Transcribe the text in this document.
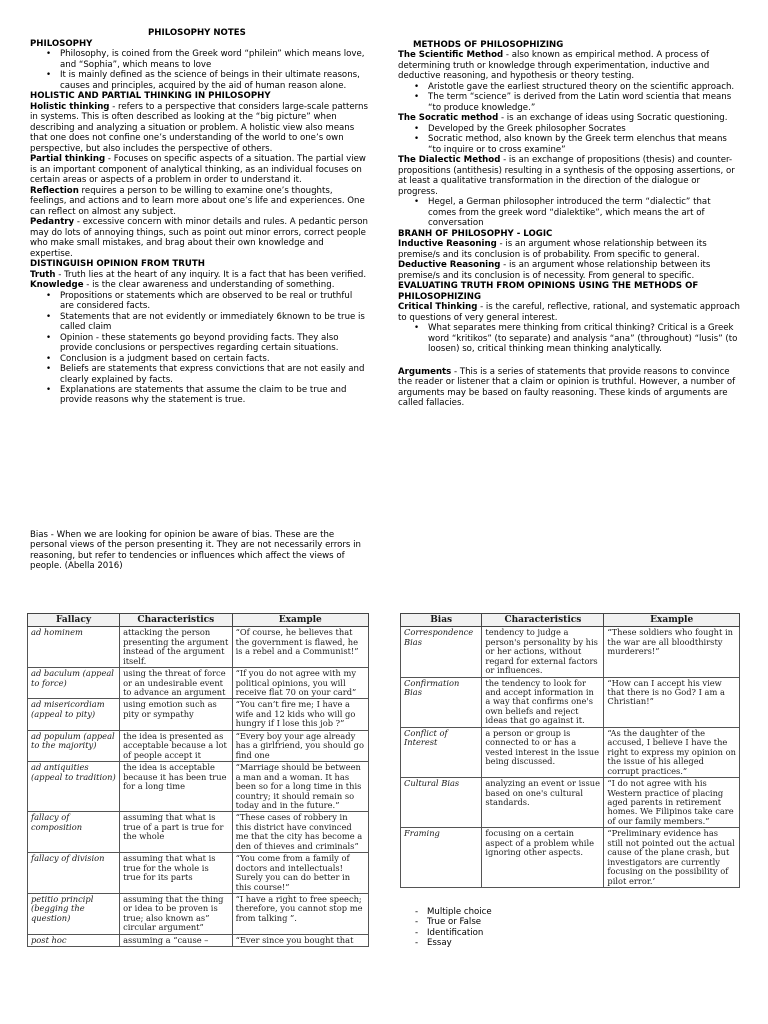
PHILOSOPHY NOTES

PHILOSOPHY

• Philosophy, is coined from the Greek word “philein” which means love, and “Sophia”, which means to love
• It is mainly defined as the science of beings in their ultimate reasons, causes and principles, acquired by the aid of human reason alone.

HOLISTIC AND PARTIAL THINKING IN PHILOSOPHY

Holistic thinking - refers to a perspective that considers large-scale patterns in systems. This is often described as looking at the “big picture” when describing and analyzing a situation or problem. A holistic view also means that one does not confine one’s understanding of the world to one’s own perspective, but also includes the perspective of others.

Partial thinking - Focuses on specific aspects of a situation. The partial view is an important component of analytical thinking, as an individual focuses on certain areas or aspects of a problem in order to understand it.

Reflection requires a person to be willing to examine one’s thoughts, feelings, and actions and to learn more about one’s life and experiences. One can reflect on almost any subject.

Pedantry - excessive concern with minor details and rules. A pedantic person may do lots of annoying things, such as point out minor errors, correct people who make small mistakes, and brag about their own knowledge and expertise.

DISTINGUISH OPINION FROM TRUTH

Truth - Truth lies at the heart of any inquiry. It is a fact that has been verified.

Knowledge - is the clear awareness and understanding of something.

• Propositions or statements which are observed to be real or truthful are considered facts.
• Statements that are not evidently or immediately 6known to be true is called claim
• Opinion - these statements go beyond providing facts. They also provide conclusions or perspectives regarding certain situations.
• Conclusion is a judgment based on certain facts.
• Beliefs are statements that express convictions that are not easily and clearly explained by facts.
• Explanations are statements that assume the claim to be true and provide reasons why the statement is true.

Bias - When we are looking for opinion be aware of bias. These are the personal views of the person presenting it. They are not necessarily errors in reasoning, but refer to tendencies or influences which affect the views of people. (Abella 2016)

METHODS OF PHILOSOPHIZING

The Scientific Method - also known as empirical method. A process of determining truth or knowledge through experimentation, inductive and deductive reasoning, and hypothesis or theory testing.

• Aristotle gave the earliest structured theory on the scientific approach.
• The term “science” is derived from the Latin word scientia that means “to produce knowledge.”

The Socratic method - is an exchange of ideas using Socratic questioning.

• Developed by the Greek philosopher Socrates
• Socratic method, also known by the Greek term elenchus that means “to inquire or to cross examine”

The Dialectic Method - is an exchange of propositions (thesis) and counter-propositions (antithesis) resulting in a synthesis of the opposing assertions, or at least a qualitative transformation in the direction of the dialogue or progress.

• Hegel, a German philosopher introduced the term “dialectic” that comes from the greek word “dialektike”, which means the art of conversation

BRANH OF PHILOSOPHY - LOGIC

Inductive Reasoning - is an argument whose relationship between its premise/s and its conclusion is of probability. From specific to general.

Deductive Reasoning - is an argument whose relationship between its premise/s and its conclusion is of necessity. From general to specific.

EVALUATING TRUTH FROM OPINIONS USING THE METHODS OF PHILOSOPHIZING

Critical Thinking - is the careful, reflective, rational, and systematic approach to questions of very general interest.

• What separates mere thinking from critical thinking? Critical is a Greek word “kritikos” (to separate) and analysis “ana” (throughout) “lusis” (to loosen) so, critical thinking mean thinking analytically.

Arguments - This is a series of statements that provide reasons to convince the reader or listener that a claim or opinion is truthful. However, a number of arguments may be based on faulty reasoning. These kinds of arguments are called fallacies.

Fallacy	Characteristics	Example
ad hominem	attacking the person presenting the argument instead of the argument itself.	“Of course, he believes that the government is flawed, he is a rebel and a Communist!”
ad baculum (appeal to force)	using the threat of force or an undesirable event to advance an argument	“If you do not agree with my political opinions, you will receive flat 70 on your card”
ad misericordiam (appeal to pity)	using emotion such as pity or sympathy	“You can’t fire me; I have a wife and 12 kids who will go hungry if I lose this job ?”
ad populum (appeal to the majority)	the idea is presented as acceptable because a lot of people accept it	“Every boy your age already has a girlfriend, you should go find one
ad antiquities (appeal to tradition)	the idea is acceptable because it has been true for a long time	“Marriage should be between a man and a woman. It has been so for a long time in this country; it should remain so today and in the future.”
fallacy of composition	assuming that what is true of a part is true for the whole	“These cases of robbery in this district have convinced me that the city has become a den of thieves and criminals”
fallacy of division	assuming that what is true for the whole is true for its parts	“You come from a family of doctors and intellectuals! Surely you can do better in this course!”
petitio principl (begging the question)	assuming that the thing or idea to be proven is true; also known as” circular argument”	“I have a right to free speech; therefore, you cannot stop me from talking ”.
post hoc	assuming a “cause –	“Ever since you bought that
Bias	Characteristics	Example
Correspondence Bias	tendency to judge a person's personality by his or her actions, without regard for external factors or influences.	“These soldiers who fought in the war are all bloodthirsty murderers!”
Confirmation Bias	the tendency to look for and accept information in a way that confirms one's own beliefs and reject ideas that go against it.	“How can I accept his view that there is no God? I am a Christian!”
Conflict of Interest	a person or group is connected to or has a vested interest in the issue being discussed.	“As the daughter of the accused, I believe I have the right to express my opinion on the issue of his alleged corrupt practices.”
Cultural Bias	analyzing an event or issue based on one's cultural standards.	“I do not agree with his Western practice of placing aged parents in retirement homes. We Filipinos take care of our family members.”
Framing	focusing on a certain aspect of a problem while ignoring other aspects.	“Preliminary evidence has still not pointed out the actual cause of the plane crash, but investigators are currently focusing on the possibility of pilot error.’
- Multiple choice
- True or False
- Identification
- Essay
